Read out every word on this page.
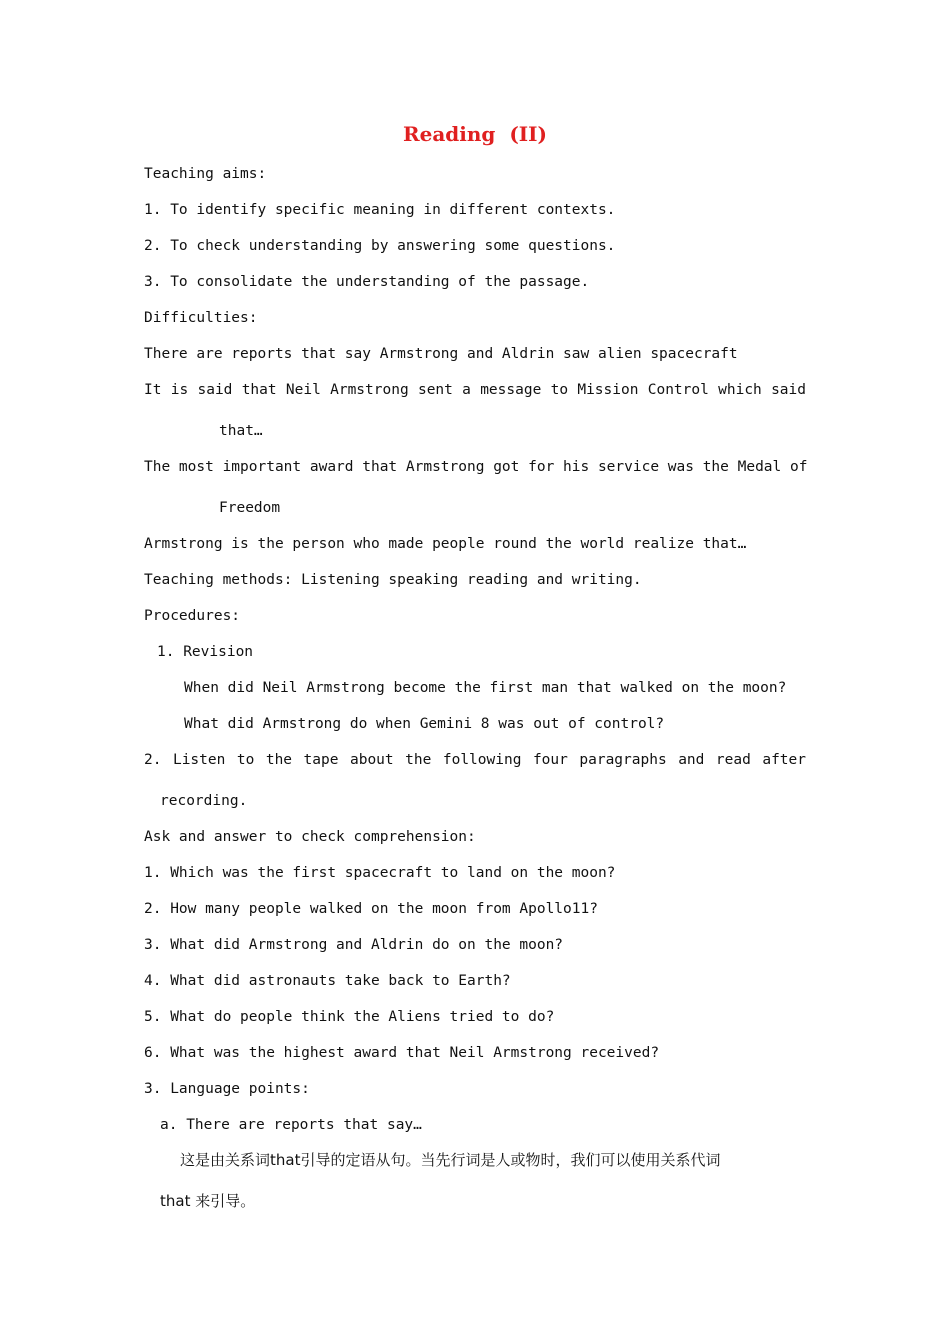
Reading  (II)
Teaching aims:
1. To identify specific meaning in different contexts.
2. To check understanding by answering some questions.
3. To consolidate the understanding of the passage.
Difficulties:
There are reports that say Armstrong and Aldrin saw alien spacecraft
It is said that Neil Armstrong sent a message to Mission Control which said
that…
The most important award that Armstrong got for his service was the Medal of
Freedom
Armstrong is the person who made people round the world realize that…
Teaching methods: Listening speaking reading and writing.
Procedures:
1. Revision
When did Neil Armstrong become the first man that walked on the moon?
What did Armstrong do when Gemini 8 was out of control?
2. Listen to the tape about the following four paragraphs and read after
recording.
Ask and answer to check comprehension:
1. Which was the first spacecraft to land on the moon?
2. How many people walked on the moon from Apollo11?
3. What did Armstrong and Aldrin do on the moon?
4. What did astronauts take back to Earth?
5. What do people think the Aliens tried to do?
6. What was the highest award that Neil Armstrong received?
3. Language points:
a. There are reports that say…
这是由关系词that引导的定语从句。当先行词是人或物时，我们可以使用关系代词
that 来引导。
